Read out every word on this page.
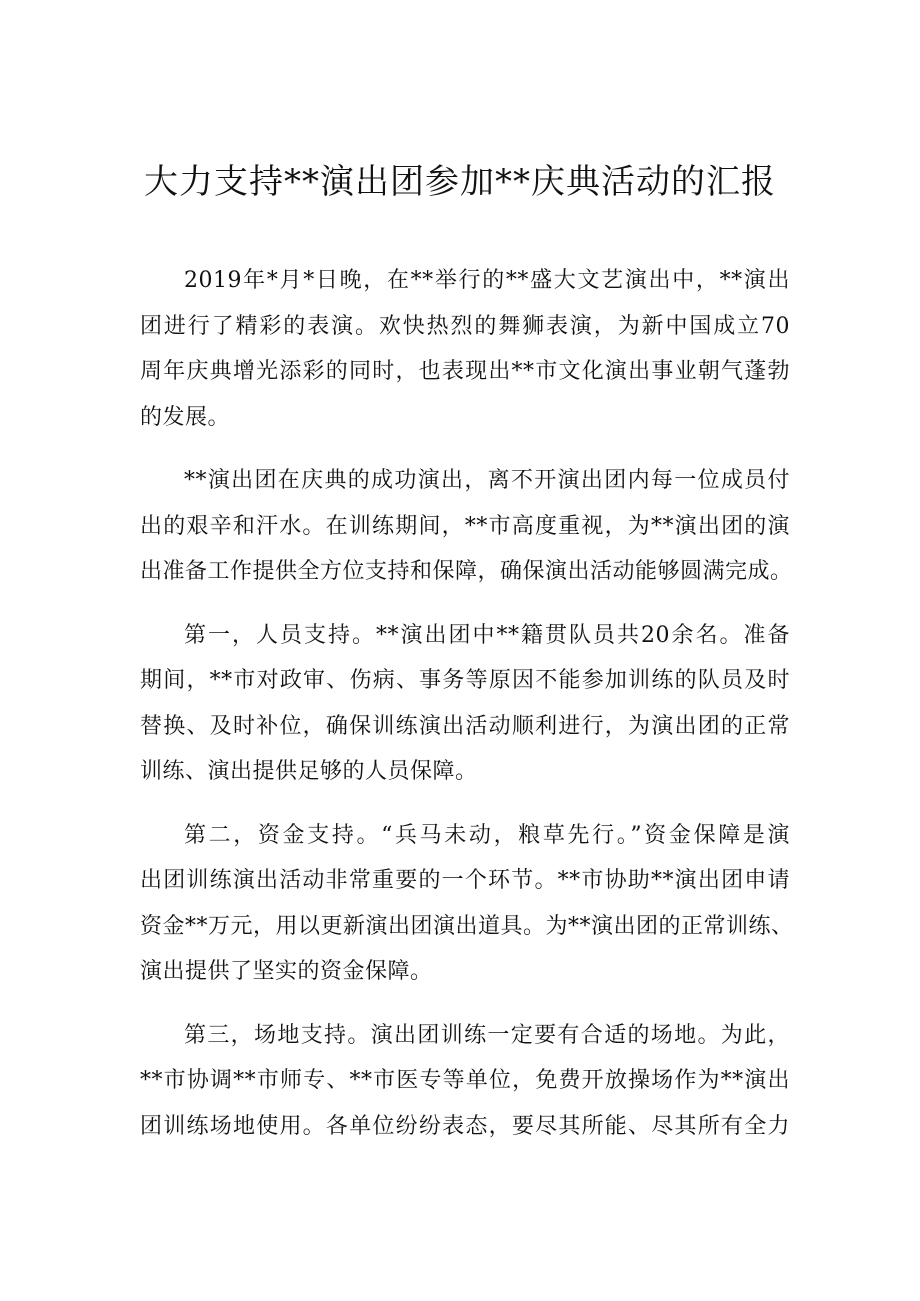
大力支持**演出团参加**庆典活动的汇报

2019年*月*日晚，在**举行的**盛大文艺演出中，**演出
团进行了精彩的表演。欢快热烈的舞狮表演，为新中国成立70
周年庆典增光添彩的同时，也表现出**市文化演出事业朝气蓬勃
的发展。

**演出团在庆典的成功演出，离不开演出团内每一位成员付
出的艰辛和汗水。在训练期间，**市高度重视，为**演出团的演
出准备工作提供全方位支持和保障，确保演出活动能够圆满完成。

第一，人员支持。**演出团中**籍贯队员共20余名。准备
期间，**市对政审、伤病、事务等原因不能参加训练的队员及时
替换、及时补位，确保训练演出活动顺利进行，为演出团的正常
训练、演出提供足够的人员保障。

第二，资金支持。“兵马未动，粮草先行。”资金保障是演
出团训练演出活动非常重要的一个环节。**市协助**演出团申请
资金**万元，用以更新演出团演出道具。为**演出团的正常训练、
演出提供了坚实的资金保障。

第三，场地支持。演出团训练一定要有合适的场地。为此，
**市协调**市师专、**市医专等单位，免费开放操场作为**演出
团训练场地使用。各单位纷纷表态，要尽其所能、尽其所有全力
